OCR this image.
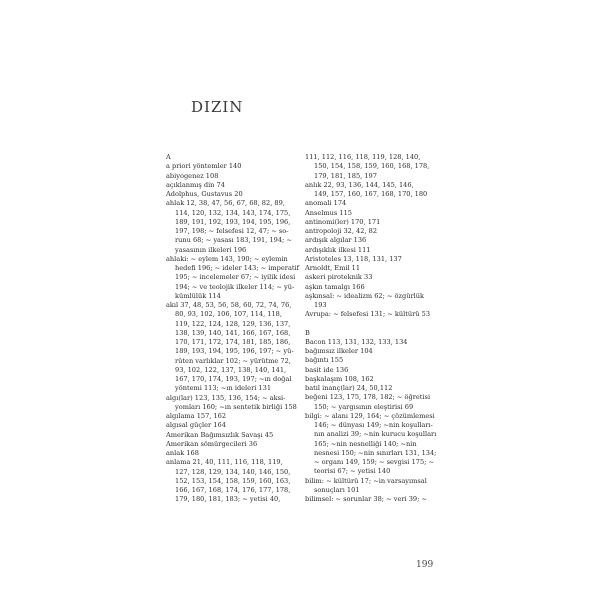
DIZIN
A
a priori yöntemler 140
abiyogenez 108
açıklanmış din 74
Adolphus, Gustavus 20
ahlak 12, 38, 47, 56, 67, 68, 82, 89,
114, 120, 132, 134, 143, 174, 175,
189, 191, 192, 193, 194, 195, 196,
197, 198; ~ felsefesi 12, 47; ~ so-
runu 68; ~ yasası 183, 191, 194; ~
yasasının ilkeleri 196
ahlaki: ~ eylem 143, 190; ~ eylemin
hedefi 196; ~ ideler 143; ~ imperatif
195; ~ incelemeler 67; ~ iyilik idesi
194; ~ ve teolojik ilkeler 114; ~ yü-
kümlülük 114
akıl 37, 48, 53, 56, 58, 60, 72, 74, 76,
80, 93, 102, 106, 107, 114, 118,
119, 122, 124, 128, 129, 136, 137,
138, 139, 140, 141, 166, 167, 168,
170, 171, 172, 174, 181, 185, 186,
189, 193, 194, 195, 196, 197; ~ yü-
rüten varlıklar 102; ~ yürütme 72,
93, 102, 122, 137, 138, 140, 141,
167, 170, 174, 193, 197; ~ın doğal
yöntemi 113; ~ın ideleri 131
algı(lar) 123, 135, 136, 154; ~ aksi-
yomları 160; ~ın sentetik birliği 158
algılama 157, 162
algısal güçler 164
Amerikan Bağımsızlık Savaşı 45
Amerikan sömürgecileri 36
anlak 168
anlama 21, 40, 111, 116, 118, 119,
127, 128, 129, 134, 140, 146, 150,
152, 153, 154, 158, 159, 160, 163,
166, 167, 168, 174, 176, 177, 178,
179, 180, 181, 183; ~ yetisi 40,
111, 112, 116, 118, 119, 128, 140,
150, 154, 158, 159, 160, 168, 178,
179, 181, 185, 197
anlık 22, 93, 136, 144, 145, 146,
149, 157, 160, 167, 168, 170, 180
anomali 174
Anselmus 115
antinomi(ler) 170, 171
antropoloji 32, 42, 82
ardışık algılar 136
ardışıklık ilkesi 111
Aristoteles 13, 118, 131, 137
Arnoldt, Emil 11
askeri piroteknik 33
aşkın tamalgı 166
aşkınsal: ~ idealizm 62; ~ özgürlük
193
Avrupa: ~ felsefesi 131; ~ kültürü 53
B
Bacon 113, 131, 132, 133, 134
bağımsız ilkeler 104
bağıntı 155
basit ide 136
başkalaşım 108, 162
batıl inanç(lar) 24, 50,112
beğeni 123, 175, 178, 182; ~ öğretisi
150; ~ yargısının eleştirisi 69
bilgi: ~ alanı 129, 164; ~ çözümlemesi
146; ~ dünyası 149; ~nin koşulları-
nın analizi 39; ~nin kurucu koşulları
165; ~nin nesnelliği 140; ~nin
nesnesi 150; ~nin sınırları 131, 134;
~ organı 149, 159; ~ sevgisi 175; ~
teorisi 67; ~ yetisi 140
bilim: ~ kültürü 17; ~in varsayımsal
sonuçları 101
bilimsel: ~ sorunlar 38; ~ veri 39; ~
199
